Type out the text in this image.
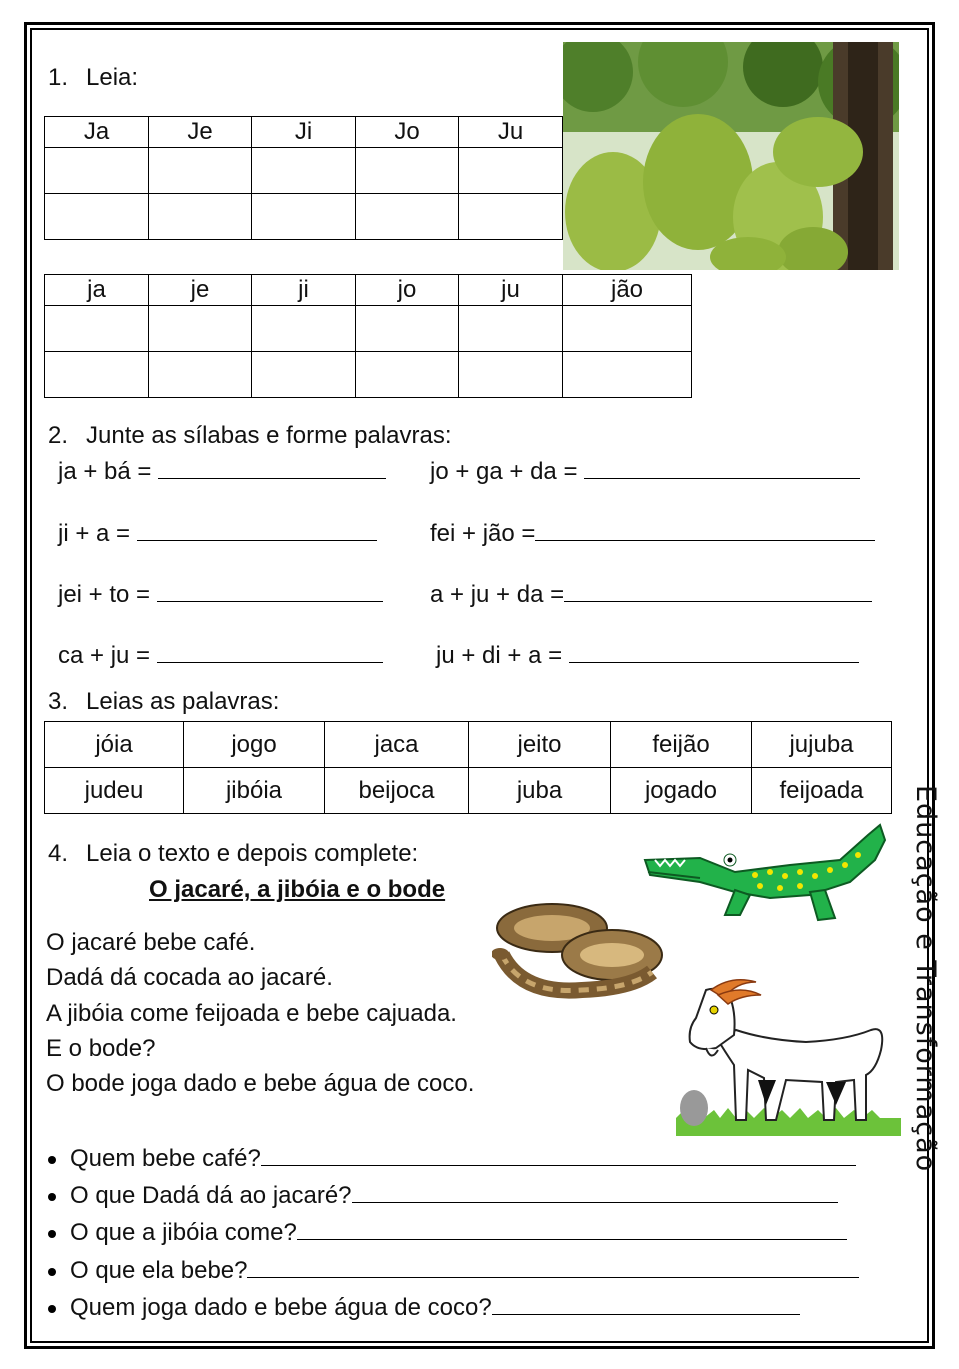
1. Leia:
Ja	Je	Ji	Jo	Ju

ja	je	ji	jo	ju	jão

2. Junte as sílabas e forme palavras:
ja + bá =
ji + a =
jei + to =
ca + ju =
jo + ga + da =
fei + jão =
a + ju + da =
ju + di + a =
3. Leias as palavras:
jóia	jogo	jaca	jeito	feijão	jujuba
judeu	jibóia	beijoca	juba	jogado	feijoada
4. Leia o texto e depois complete:
O jacaré, a jibóia e o bode
O jacaré bebe café.
Dadá dá cocada ao jacaré.
A jibóia come feijoada e bebe cajuada.
E o bode?
O bode joga dado e bebe água de coco.
Quem bebe café?
O que Dadá dá ao jacaré?
O que a jibóia come?
O que ela bebe?
Quem joga dado e bebe água de coco?
Educação e Transformação
